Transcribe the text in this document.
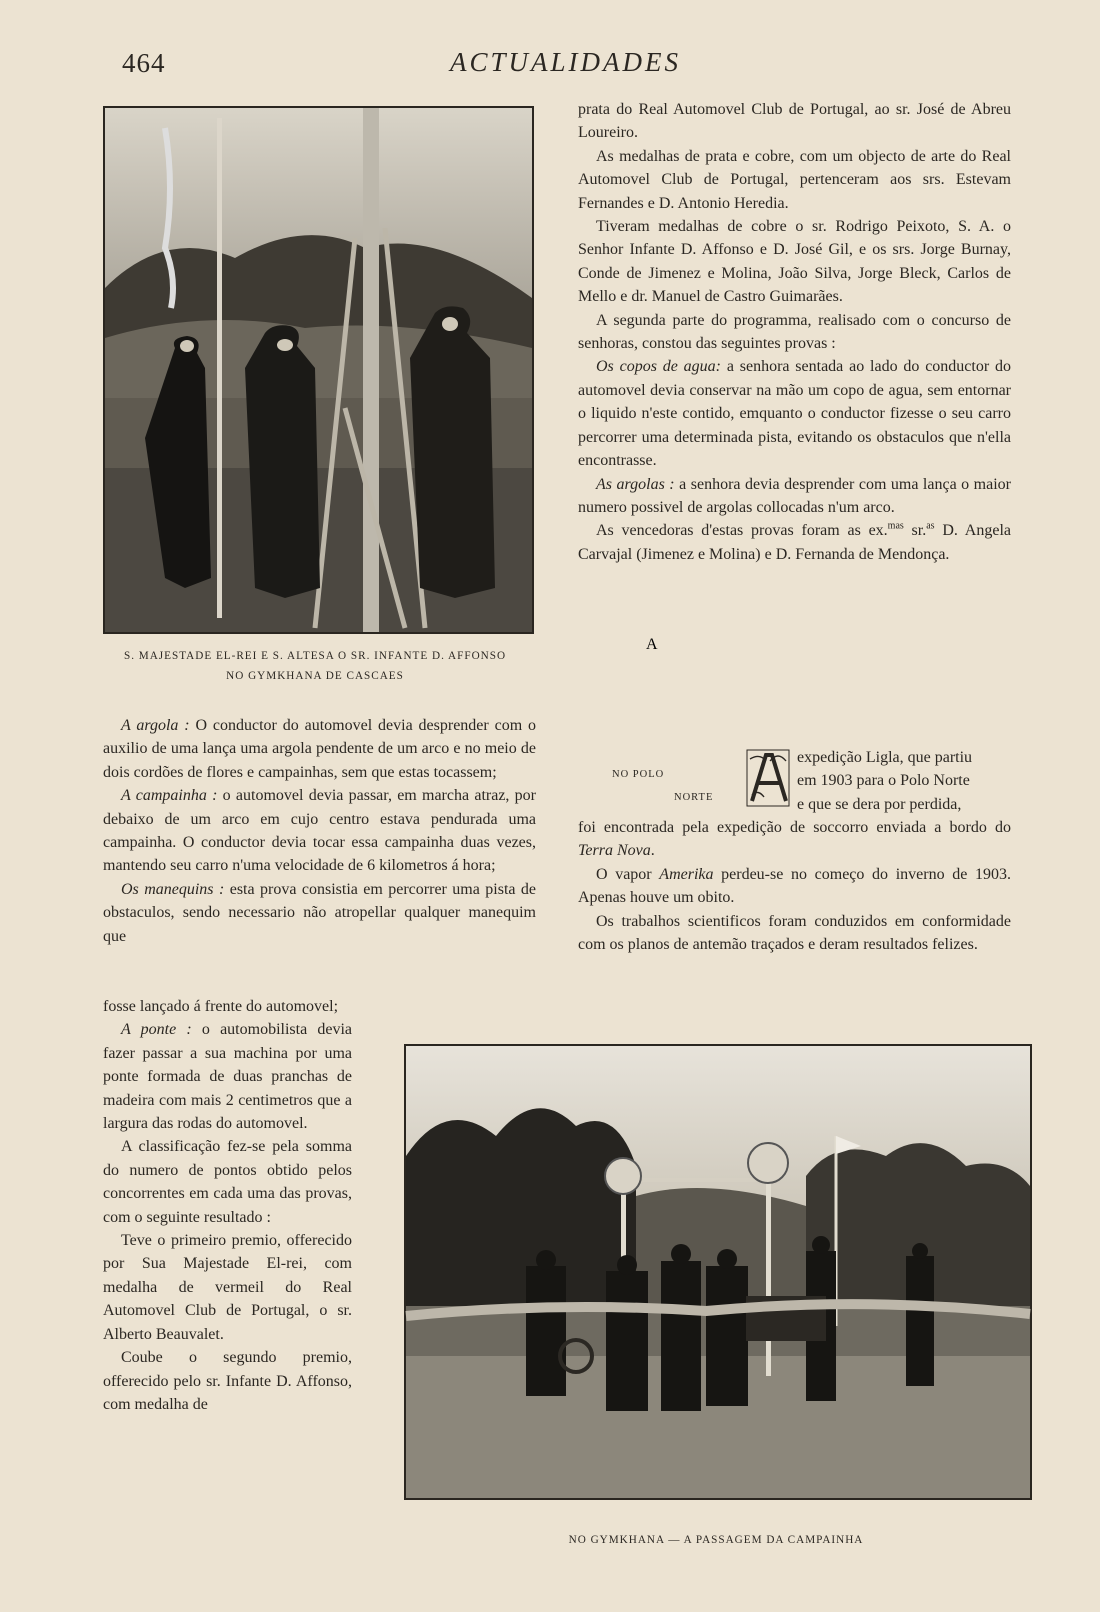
464	ACTUALIDADES
S. MAJESTADE EL-REI E S. ALTESA O SR. INFANTE D. AFFONSO
NO GYMKHANA DE CASCAES

prata do Real Automovel Club de Portugal, ao sr. José de Abreu Loureiro.

As medalhas de prata e cobre, com um objecto de arte do Real Automovel Club de Portugal, pertenceram aos srs. Estevam Fernandes e D. Antonio Heredia.

Tiveram medalhas de cobre o sr. Rodrigo Peixoto, S. A. o Senhor Infante D. Affonso e D. José Gil, e os srs. Jorge Burnay, Conde de Jimenez e Molina, João Silva, Jorge Bleck, Carlos de Mello e dr. Manuel de Castro Guimarães.

A segunda parte do programma, realisado com o concurso de senhoras, constou das seguintes provas :

Os copos de agua: a senhora sentada ao lado do conductor do automovel devia conservar na mão um copo de agua, sem entornar o liquido n'este contido, emquanto o conductor fizesse o seu carro percorrer uma determinada pista, evitando os obstaculos que n'ella encontrasse.

As argolas : a senhora devia desprender com uma lança o maior numero possivel de argolas collocadas n'um arco.

As vencedoras d'estas provas foram as ex.$^{mas}$ sr.$^{as}$ D. Angela Carvajal (Jimenez e Molina) e D. Fernanda de Mendonça.

A argola : O conductor do automovel devia desprender com o auxilio de uma lança uma argola pendente de um arco e no meio de dois cordões de flores e campainhas, sem que estas tocassem;

A campainha : o automovel devia passar, em marcha atraz, por debaixo de um arco em cujo centro estava pendurada uma campainha. O conductor devia tocar essa campainha duas vezes, mantendo seu carro n'uma velocidade de 6 kilometros á hora;

Os manequins : esta prova consistia em percorrer uma pista de obstaculos, sendo necessario não atropellar qualquer manequim que

fosse lançado á frente do automovel;

A ponte : o automobilista devia fazer passar a sua machina por uma ponte formada de duas pranchas de madeira com mais 2 centimetros que a largura das rodas do automovel.

A classificação fez-se pela somma do numero de pontos obtido pelos concorrentes em cada uma das provas, com o seguinte resultado :

Teve o primeiro premio, offerecido por Sua Majestade El-rei, com medalha de vermeil do Real Automovel Club de Portugal, o sr. Alberto Beauvalet.

Coube o segundo premio, offerecido pelo sr. Infante D. Affonso, com medalha de

NO POLO
NORTE
A

expedição Ligla, que partiu

em 1903 para o Polo Norte

e que se dera por perdida,

foi encontrada pela expedição de soccorro enviada a bordo do Terra Nova.

O vapor Amerika perdeu-se no começo do inverno de 1903. Apenas houve um obito.

Os trabalhos scientificos foram conduzidos em conformidade com os planos de antemão traçados e deram resultados felizes.

NO GYMKHANA — A PASSAGEM DA CAMPAINHA
